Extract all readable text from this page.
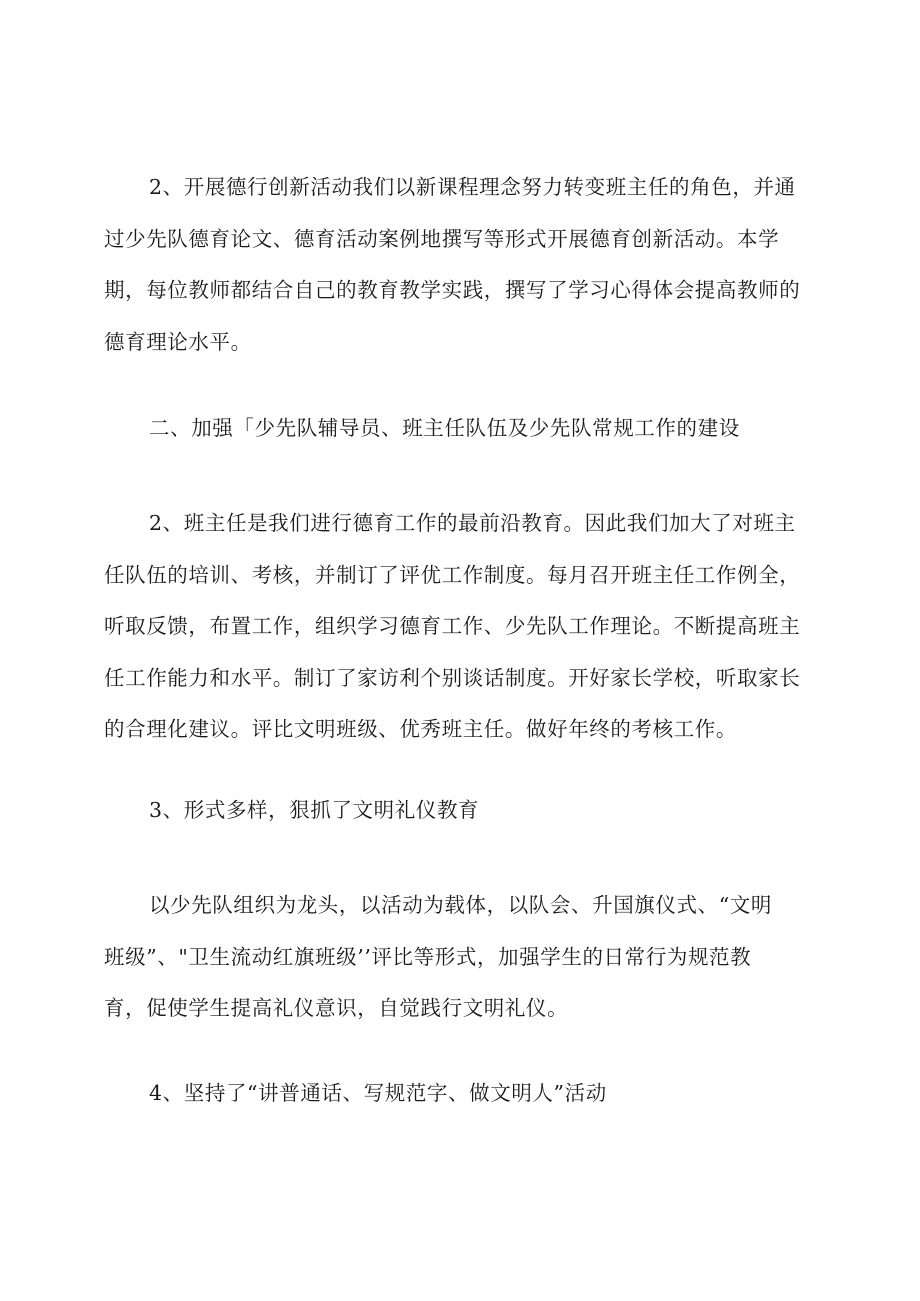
2、开展德行创新活动我们以新课程理念努力转变班主任的角色，并通
过少先队德育论文、德育活动案例地撰写等形式开展德育创新活动。本学
期，每位教师都结合自己的教育教学实践，撰写了学习心得体会提高教师的
德育理论水平。
二、加强「少先队辅导员、班主任队伍及少先队常规工作的建设
2、班主任是我们进行德育工作的最前沿教育。因此我们加大了对班主
任队伍的培训、考核，并制订了评优工作制度。每月召开班主任工作例全，
听取反馈，布置工作，组织学习德育工作、少先队工作理论。不断提高班主
任工作能力和水平。制订了家访利个别谈话制度。开好家长学校，听取家长
的合理化建议。评比文明班级、优秀班主任。做好年终的考核工作。
3、形式多样，狠抓了文明礼仪教育
以少先队组织为龙头，以活动为载体，以队会、升国旗仪式、“文明
班级”、"卫生流动红旗班级’’评比等形式，加强学生的日常行为规范教
育，促使学生提高礼仪意识，自觉践行文明礼仪。
4、坚持了“讲普通话、写规范字、做文明人”活动
